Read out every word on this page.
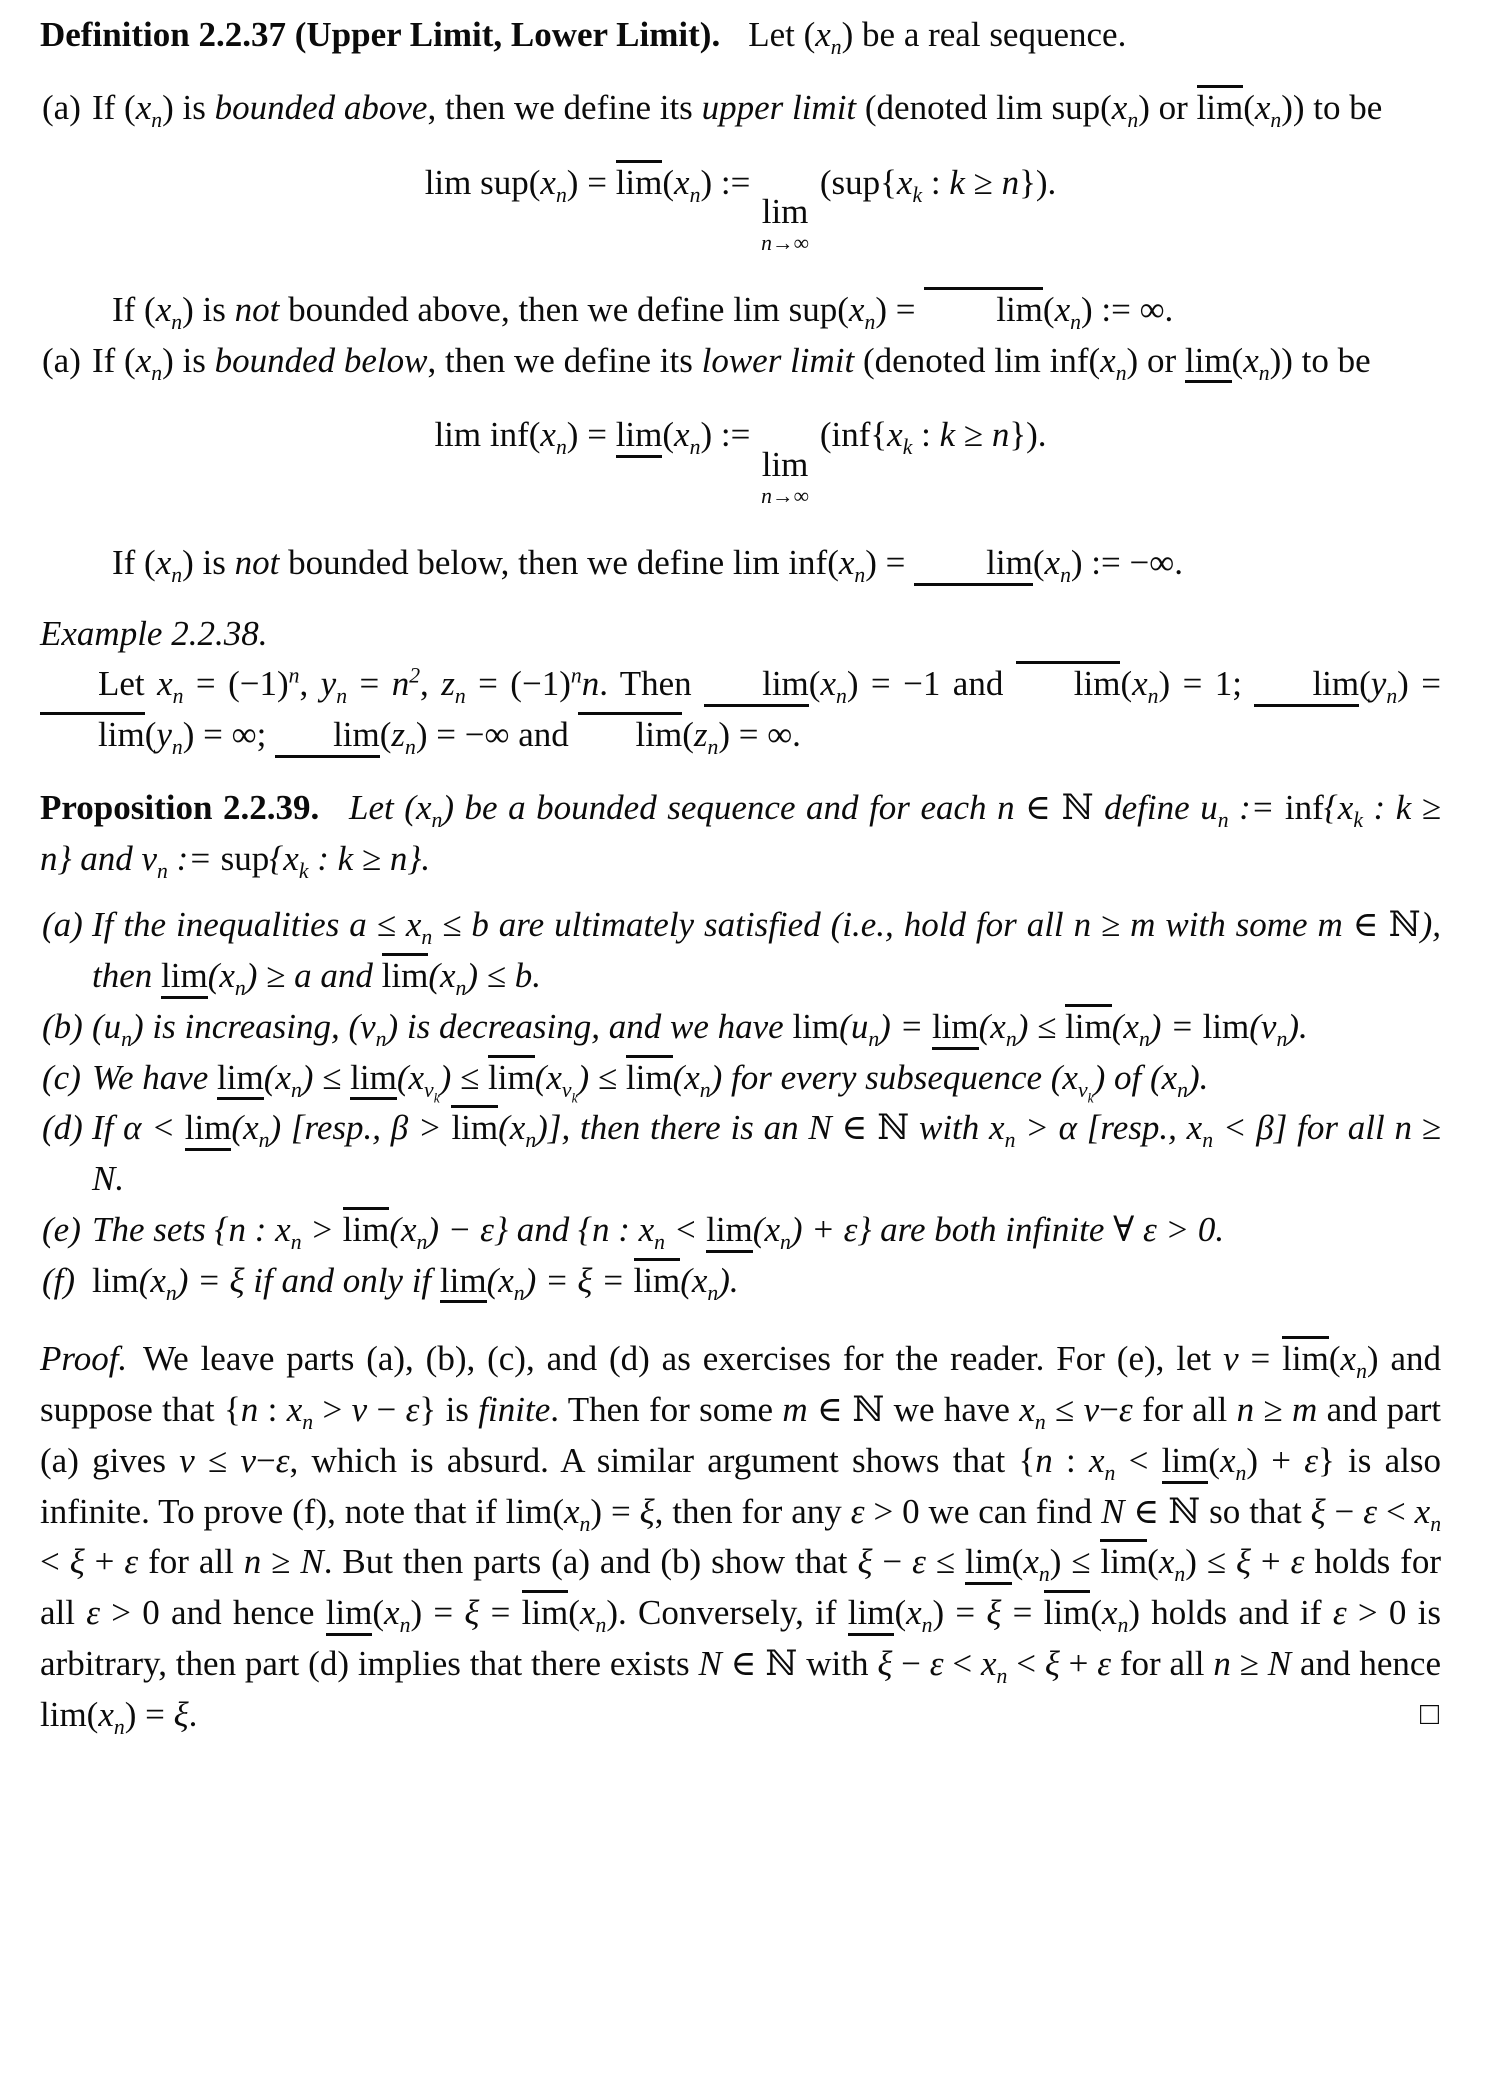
Definition 2.2.37 (Upper Limit, Lower Limit). Let $(x_n)$ be a real sequence.

(a) If $(x_n)$ is bounded above, then we define its upper limit (denoted $\lim sup(x_n)$ or $\lim(x_n)$) to be
$\lim sup(x_n) = \lim(x_n)$ :=
lim
n→∞
($sup\{x_k$ : k ≥ n}).

If $(x_n)$ is not bounded above, then we define $\lim sup(x_n) = \lim(x_n)$ := ∞.

(a) If $(x_n)$ is bounded below, then we define its lower limit (denoted $\lim inf(x_n)$ or $\lim(x_n)$) to be
$\lim inf(x_n) = \lim(x_n)$ :=
lim
n→∞
($inf\{x_k$ : k ≥ n}).

If $(x_n)$ is not bounded below, then we define $\lim inf(x_n) = \lim(x_n)$ := −∞.

Example 2.2.38.

Let $x_n = (-1)^n$, $y_n = n^2$, $z_n = (-1)^nn$. Then $\lim(x_n) = -1$ and $\lim(x_n) = 1$; $\lim(y_n) = \lim(y_n)$ = ∞; $\lim(z_n)$ = −∞ and $\lim(z_n)$ = ∞.

Proposition 2.2.39. Let $(x_n)$ be a bounded sequence and for each n ∈ ℕ define $u_n$ := $inf\{x_k$ : k ≥ n} and $v_n$ := $sup\{x_k$ : k ≥ n}.

(a) If the inequalities $a \le x_n \le b$ are ultimately satisfied (i.e., hold for all n ≥ m with some m ∈ ℕ), then $\lim(x_n) \ge a$ and $\lim(x_n) \le b$.
(b) $(u_n)$ is increasing, $(v_n)$ is decreasing, and we have $\lim(u_n) = \lim(x_n) \le \lim(x_n) = \lim(v_n)$.
(c) We have $\lim(x_n) \le \lim(x_{v_k}) \le \lim(x_{v_k}) \le \lim(x_n)$ for every subsequence $(x_{v_k})$ of $(x_n)$.
(d) If $\alpha < \lim(x_n)$ [resp., $\beta > \lim(x_n)$], then there is an N ∈ ℕ with $x_n > \alpha$ [resp., $x_n < \beta$] for all n ≥ N.
(e) The sets {n : $x_n > \lim(x_n) - \varepsilon$} and {n : $x_n < \lim(x_n) + \varepsilon$} are both infinite ∀ ε > 0.
(f) $\lim(x_n) = \xi$ if and only if $\lim(x_n) = \xi = \lim(x_n)$.

Proof. We leave parts (a), (b), (c), and (d) as exercises for the reader. For (e), let $v = \lim(x_n)$ and suppose that {n : $x_n > v - \varepsilon$} is finite. Then for some m ∈ ℕ we have $x_n \le v-\varepsilon$ for all n ≥ m and part (a) gives v ≤ v−ε, which is absurd. A similar argument shows that {n : $x_n < \lim(x_n) + \varepsilon$} is also infinite. To prove (f), note that if $\lim(x_n) = \xi$, then for any ε > 0 we can find N ∈ ℕ so that $\xi - \varepsilon < x_n < \xi + \varepsilon$ for all n ≥ N. But then parts (a) and (b) show that $\xi - \varepsilon \le \lim(x_n) \le \lim(x_n) \le \xi + \varepsilon$ holds for all ε > 0 and hence $\lim(x_n) = \xi = \lim(x_n)$. Conversely, if $\lim(x_n) = \xi = \lim(x_n)$ holds and if ε > 0 is arbitrary, then part (d) implies that there exists N ∈ ℕ with $\xi - \varepsilon < x_n < \xi + \varepsilon$ for all n ≥ N and hence $\lim(x_n) = \xi$.	□
